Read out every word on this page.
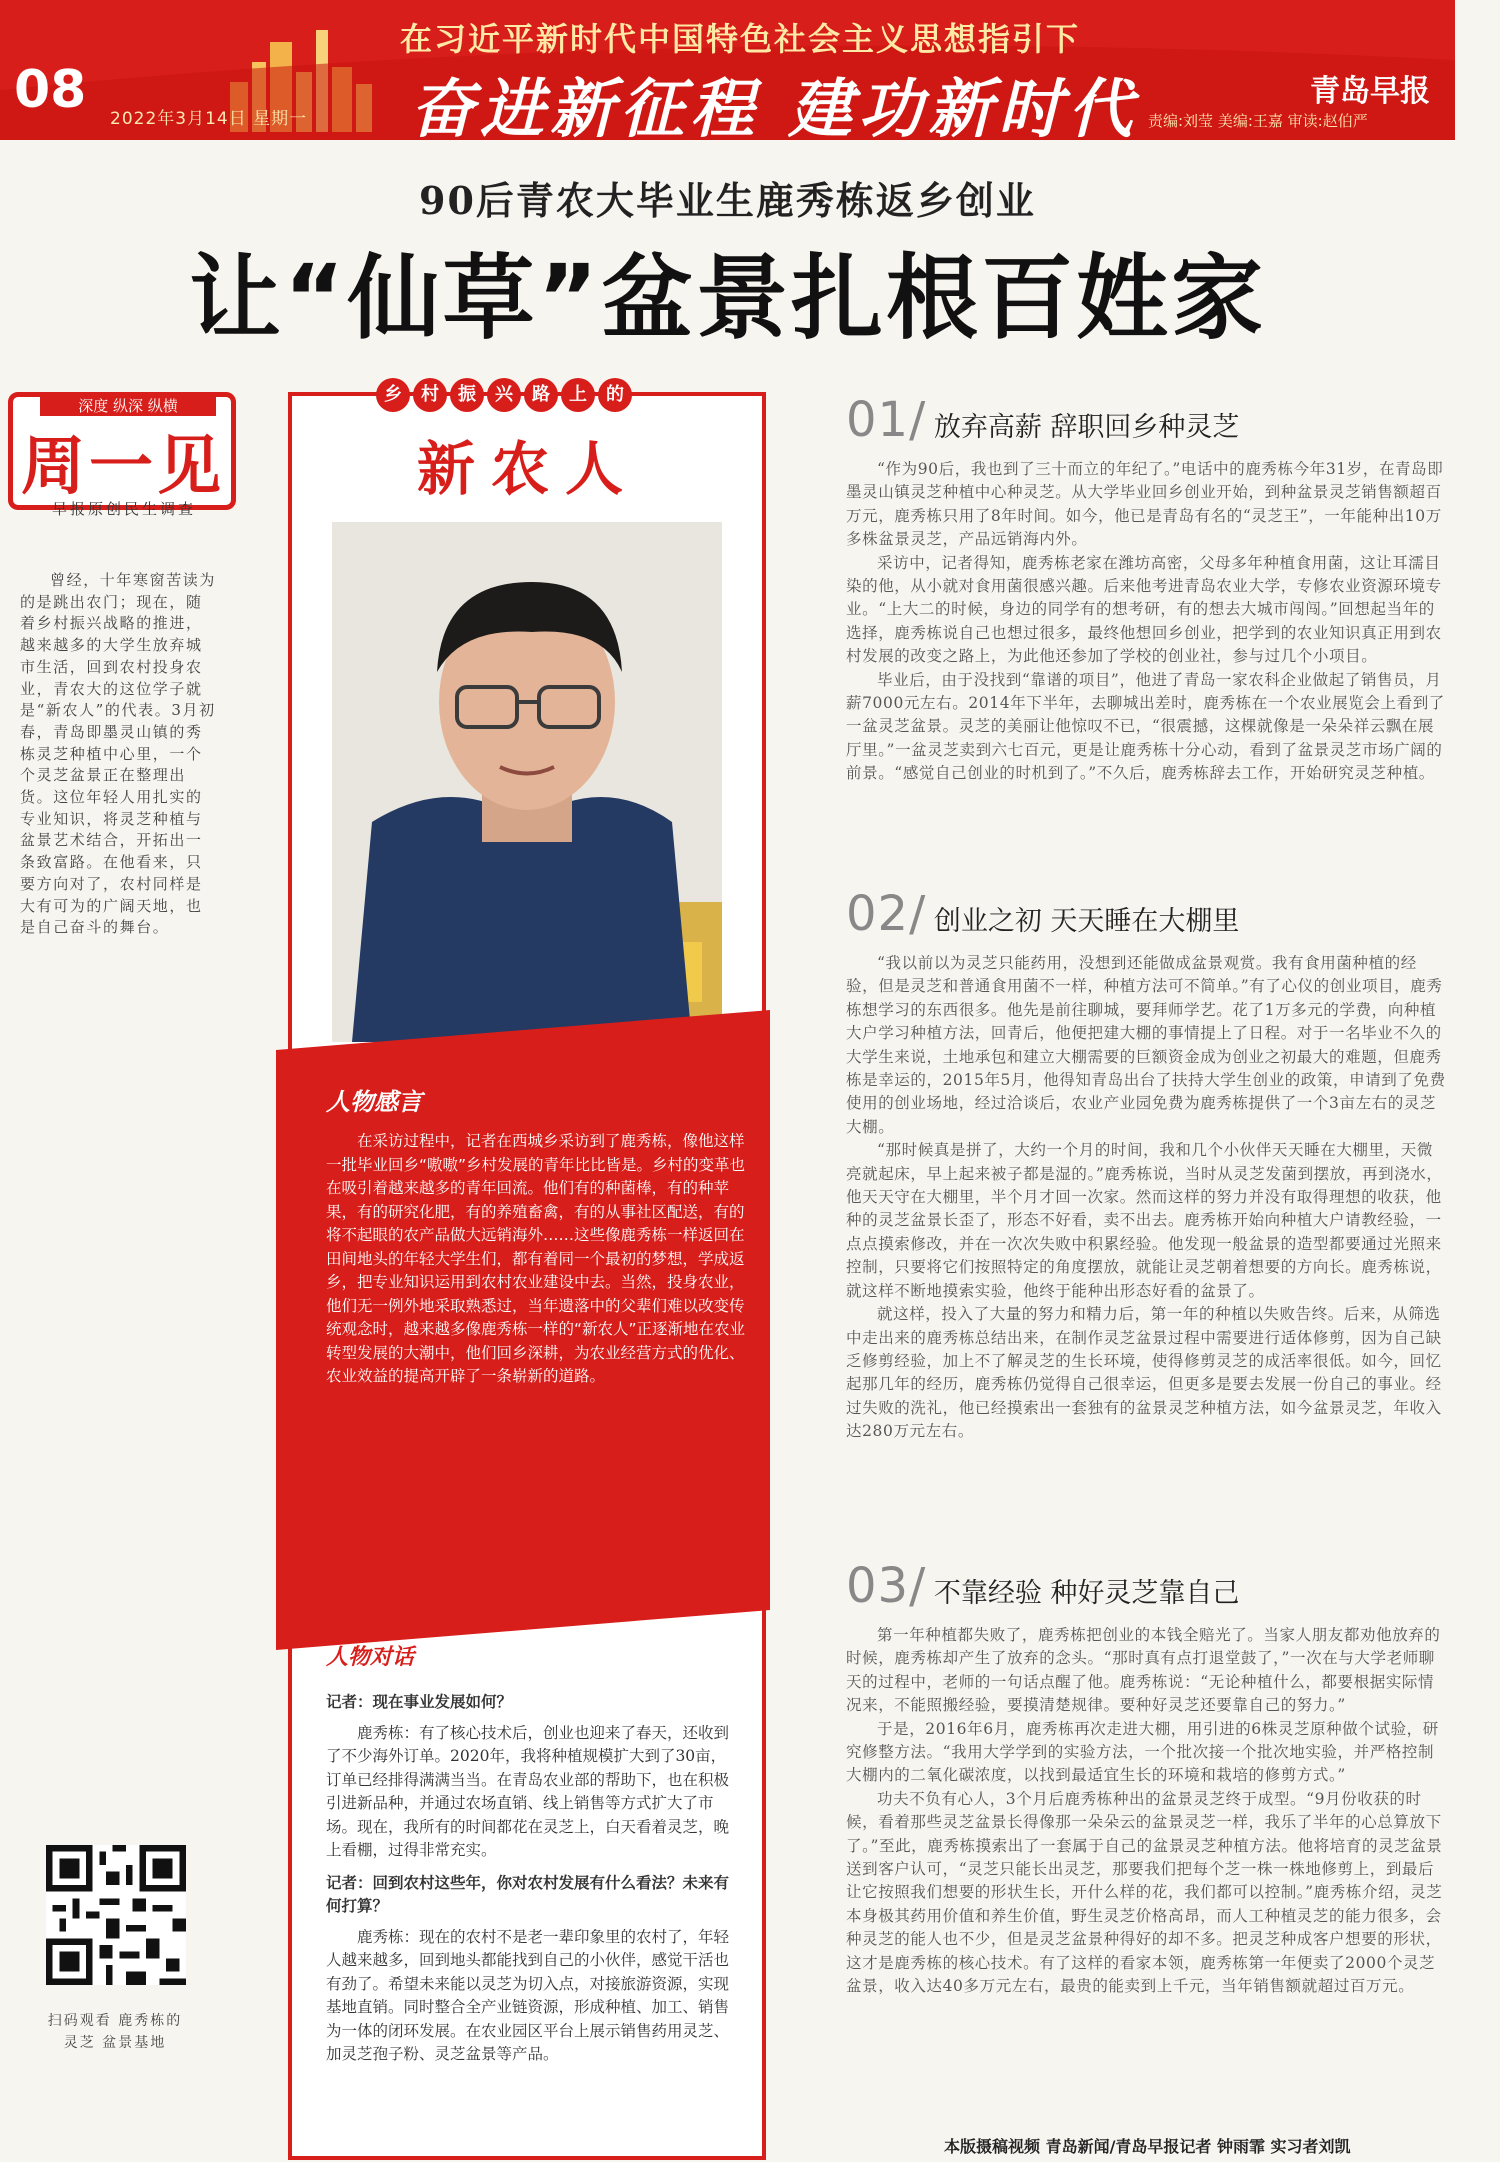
08 2022年3月14日 星期一
在习近平新时代中国特色社会主义思想指引下
奋进新征程 建功新时代	青岛早报
责编:刘莹 美编:王嘉 审读:赵伯严
90后青农大毕业生鹿秀栋返乡创业
让“仙草”盆景扎根百姓家
深度 纵深 纵横
周一见
早报原创民生调查
曾经，十年寒窗苦读为的是跳出农门；现在，随着乡村振兴战略的推进，越来越多的大学生放弃城市生活，回到农村投身农业，青农大的这位学子就是“新农人”的代表。3月初春，青岛即墨灵山镇的秀栋灵芝种植中心里，一个个灵芝盆景正在整理出货。这位年轻人用扎实的专业知识，将灵芝种植与盆景艺术结合，开拓出一条致富路。在他看来，只要方向对了，农村同样是大有可为的广阔天地，也是自己奋斗的舞台。
扫码观看 鹿秀栋的灵芝 盆景基地
乡 村 振 兴 路 上 的
新农人
人物感言
在采访过程中，记者在西城乡采访到了鹿秀栋，像他这样一批毕业回乡“嗷嗷”乡村发展的青年比比皆是。乡村的变革也在吸引着越来越多的青年回流。他们有的种菌棒，有的种苹果，有的研究化肥，有的养殖畜禽，有的从事社区配送，有的将不起眼的农产品做大远销海外……这些像鹿秀栋一样返回在田间地头的年轻大学生们，都有着同一个最初的梦想，学成返乡，把专业知识运用到农村农业建设中去。当然，投身农业，他们无一例外地采取熟悉过，当年遗落中的父辈们难以改变传统观念时，越来越多像鹿秀栋一样的“新农人”正逐渐地在农业转型发展的大潮中，他们回乡深耕，为农业经营方式的优化、农业效益的提高开辟了一条崭新的道路。
人物对话

记者：现在事业发展如何？

鹿秀栋：有了核心技术后，创业也迎来了春天，还收到了不少海外订单。2020年，我将种植规模扩大到了30亩，订单已经排得满满当当。在青岛农业部的帮助下，也在积极引进新品种，并通过农场直销、线上销售等方式扩大了市场。现在，我所有的时间都花在灵芝上，白天看着灵芝，晚上看棚，过得非常充实。

记者：回到农村这些年，你对农村发展有什么看法？未来有何打算？

鹿秀栋：现在的农村不是老一辈印象里的农村了，年轻人越来越多，回到地头都能找到自己的小伙伴，感觉干活也有劲了。希望未来能以灵芝为切入点，对接旅游资源，实现基地直销。同时整合全产业链资源，形成种植、加工、销售为一体的闭环发展。在农业园区平台上展示销售药用灵芝、加灵芝孢子粉、灵芝盆景等产品。

01/ 放弃高薪 辞职回乡种灵芝
“作为90后，我也到了三十而立的年纪了。”电话中的鹿秀栋今年31岁，在青岛即墨灵山镇灵芝种植中心种灵芝。从大学毕业回乡创业开始，到种盆景灵芝销售额超百万元，鹿秀栋只用了8年时间。如今，他已是青岛有名的“灵芝王”，一年能种出10万多株盆景灵芝，产品远销海内外。
采访中，记者得知，鹿秀栋老家在潍坊高密，父母多年种植食用菌，这让耳濡目染的他，从小就对食用菌很感兴趣。后来他考进青岛农业大学，专修农业资源环境专业。“上大二的时候，身边的同学有的想考研，有的想去大城市闯闯。”回想起当年的选择，鹿秀栋说自己也想过很多，最终他想回乡创业，把学到的农业知识真正用到农村发展的改变之路上，为此他还参加了学校的创业社，参与过几个小项目。
毕业后，由于没找到“靠谱的项目”，他进了青岛一家农科企业做起了销售员，月薪7000元左右。2014年下半年，去聊城出差时，鹿秀栋在一个农业展览会上看到了一盆灵芝盆景。灵芝的美丽让他惊叹不已，“很震撼，这棵就像是一朵朵祥云飘在展厅里。”一盆灵芝卖到六七百元，更是让鹿秀栋十分心动，看到了盆景灵芝市场广阔的前景。“感觉自己创业的时机到了。”不久后，鹿秀栋辞去工作，开始研究灵芝种植。
02/ 创业之初 天天睡在大棚里
“我以前以为灵芝只能药用，没想到还能做成盆景观赏。我有食用菌种植的经验，但是灵芝和普通食用菌不一样，种植方法可不简单。”有了心仪的创业项目，鹿秀栋想学习的东西很多。他先是前往聊城，要拜师学艺。花了1万多元的学费，向种植大户学习种植方法，回青后，他便把建大棚的事情提上了日程。对于一名毕业不久的大学生来说，土地承包和建立大棚需要的巨额资金成为创业之初最大的难题，但鹿秀栋是幸运的，2015年5月，他得知青岛出台了扶持大学生创业的政策，申请到了免费使用的创业场地，经过洽谈后，农业产业园免费为鹿秀栋提供了一个3亩左右的灵芝大棚。
“那时候真是拼了，大约一个月的时间，我和几个小伙伴天天睡在大棚里，天微亮就起床，早上起来被子都是湿的。”鹿秀栋说，当时从灵芝发菌到摆放，再到浇水，他天天守在大棚里，半个月才回一次家。然而这样的努力并没有取得理想的收获，他种的灵芝盆景长歪了，形态不好看，卖不出去。鹿秀栋开始向种植大户请教经验，一点点摸索修改，并在一次次失败中积累经验。他发现一般盆景的造型都要通过光照来控制，只要将它们按照特定的角度摆放，就能让灵芝朝着想要的方向长。鹿秀栋说，就这样不断地摸索实验，他终于能种出形态好看的盆景了。
就这样，投入了大量的努力和精力后，第一年的种植以失败告终。后来，从筛选中走出来的鹿秀栋总结出来，在制作灵芝盆景过程中需要进行适体修剪，因为自己缺乏修剪经验，加上不了解灵芝的生长环境，使得修剪灵芝的成活率很低。如今，回忆起那几年的经历，鹿秀栋仍觉得自己很幸运，但更多是要去发展一份自己的事业。经过失败的洗礼，他已经摸索出一套独有的盆景灵芝种植方法，如今盆景灵芝，年收入达280万元左右。
03/ 不靠经验 种好灵芝靠自己
第一年种植都失败了，鹿秀栋把创业的本钱全赔光了。当家人朋友都劝他放弃的时候，鹿秀栋却产生了放弃的念头。“那时真有点打退堂鼓了，”一次在与大学老师聊天的过程中，老师的一句话点醒了他。鹿秀栋说：“无论种植什么，都要根据实际情况来，不能照搬经验，要摸清楚规律。要种好灵芝还要靠自己的努力。”
于是，2016年6月，鹿秀栋再次走进大棚，用引进的6株灵芝原种做个试验，研究修整方法。“我用大学学到的实验方法，一个批次接一个批次地实验，并严格控制大棚内的二氧化碳浓度，以找到最适宜生长的环境和栽培的修剪方式。”
功夫不负有心人，3个月后鹿秀栋种出的盆景灵芝终于成型。“9月份收获的时候，看着那些灵芝盆景长得像那一朵朵云的盆景灵芝一样，我乐了半年的心总算放下了。”至此，鹿秀栋摸索出了一套属于自己的盆景灵芝种植方法。他将培育的灵芝盆景送到客户认可，“灵芝只能长出灵芝，那要我们把每个芝一株一株地修剪上，到最后让它按照我们想要的形状生长，开什么样的花，我们都可以控制。”鹿秀栋介绍，灵芝本身极其药用价值和养生价值，野生灵芝价格高昂，而人工种植灵芝的能力很多，会种灵芝的能人也不少，但是灵芝盆景种得好的却不多。把灵芝种成客户想要的形状，这才是鹿秀栋的核心技术。有了这样的看家本领，鹿秀栋第一年便卖了2000个灵芝盆景，收入达40多万元左右，最贵的能卖到上千元，当年销售额就超过百万元。
本版摄稿视频 青岛新闻/青岛早报记者 钟雨霏 实习者刘凯
